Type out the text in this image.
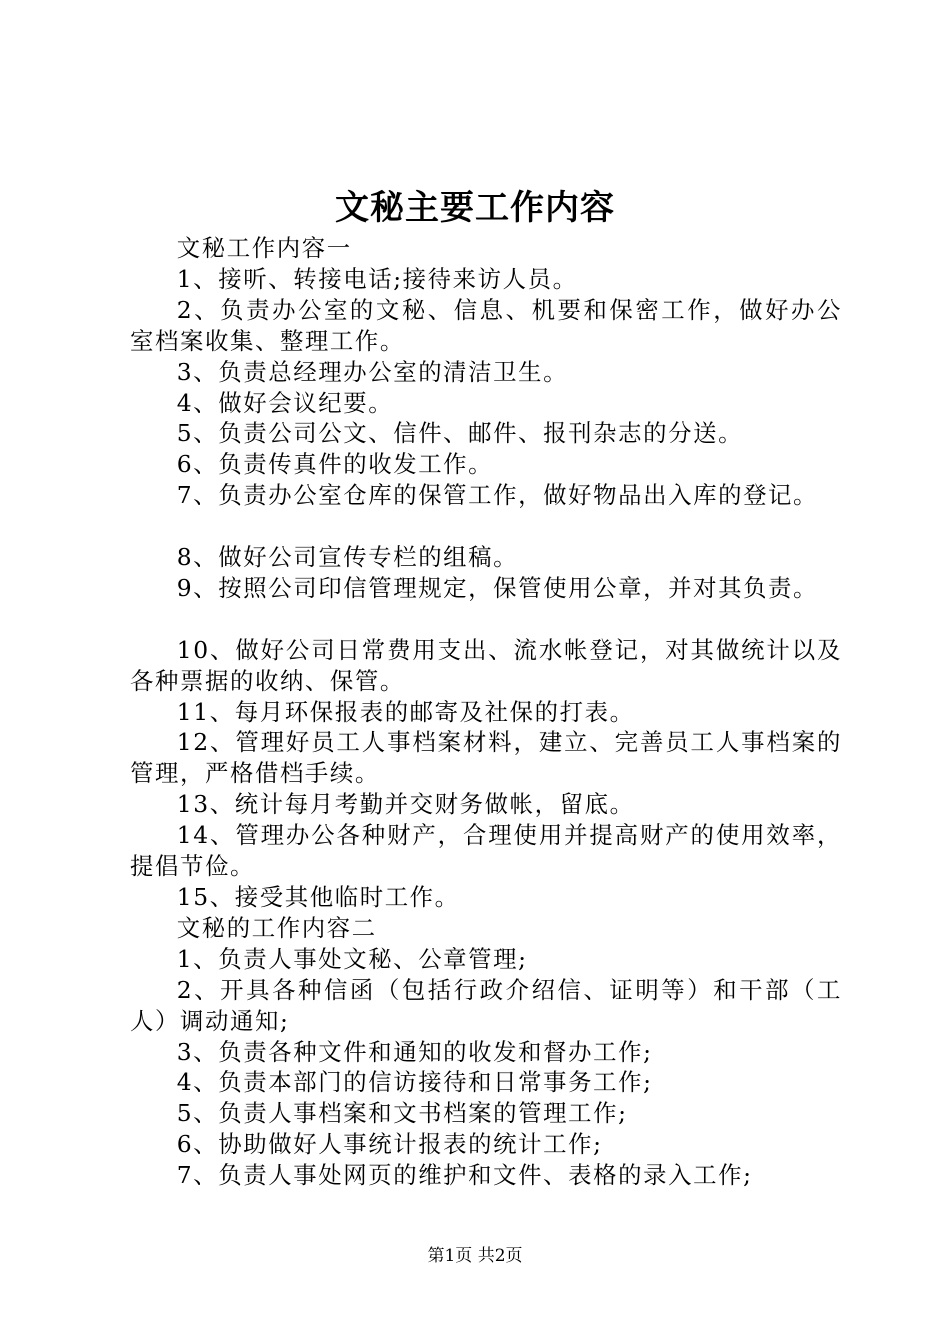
文秘主要工作内容

文秘工作内容一

1、接听、转接电话;接待来访人员。

2、负责办公室的文秘、信息、机要和保密工作，做好办公室档案收集、整理工作。

3、负责总经理办公室的清洁卫生。

4、做好会议纪要。

5、负责公司公文、信件、邮件、报刊杂志的分送。

6、负责传真件的收发工作。

7、负责办公室仓库的保管工作，做好物品出入库的登记。

8、做好公司宣传专栏的组稿。

9、按照公司印信管理规定，保管使用公章，并对其负责。

10、做好公司日常费用支出、流水帐登记，对其做统计以及各种票据的收纳、保管。

11、每月环保报表的邮寄及社保的打表。

12、管理好员工人事档案材料，建立、完善员工人事档案的管理，严格借档手续。

13、统计每月考勤并交财务做帐，留底。

14、管理办公各种财产，合理使用并提高财产的使用效率，提倡节俭。

15、接受其他临时工作。

文秘的工作内容二

1、负责人事处文秘、公章管理;

2、开具各种信函（包括行政介绍信、证明等）和干部（工人）调动通知;

3、负责各种文件和通知的收发和督办工作;

4、负责本部门的信访接待和日常事务工作;

5、负责人事档案和文书档案的管理工作;

6、协助做好人事统计报表的统计工作;

7、负责人事处网页的维护和文件、表格的录入工作;

第1页 共2页
